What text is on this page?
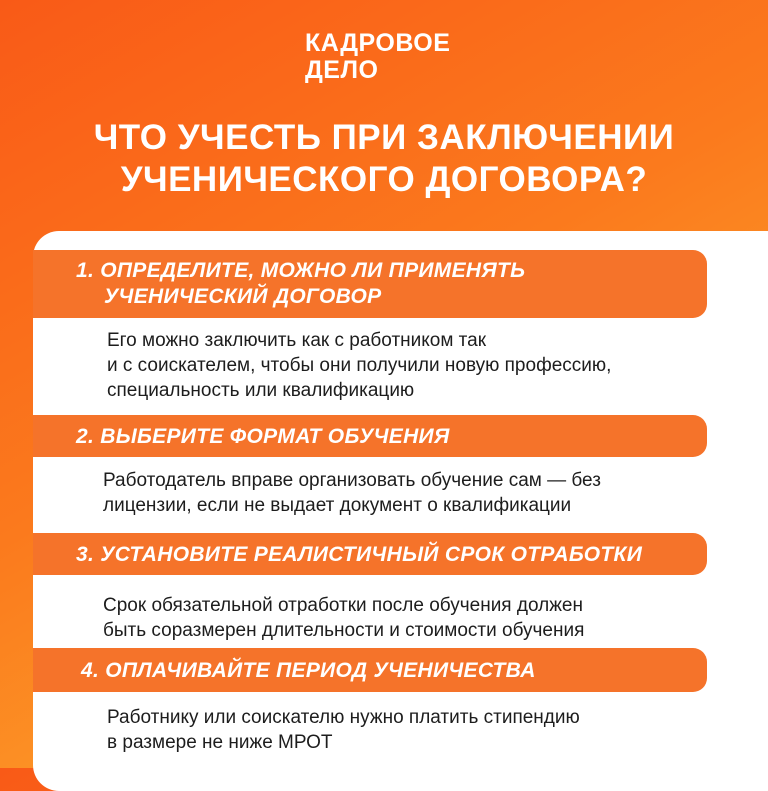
КАДРОВОЕ
ДЕЛО
ЧТО УЧЕСТЬ ПРИ ЗАКЛЮЧЕНИИ
УЧЕНИЧЕСКОГО ДОГОВОРА?
1. ОПРЕДЕЛИТЕ, МОЖНО ЛИ ПРИМЕНЯТЬ
УЧЕНИЧЕСКИЙ ДОГОВОР
Его можно заключить как с работником так
и с соискателем, чтобы они получили новую профессию,
специальность или квалификацию
2. ВЫБЕРИТЕ ФОРМАТ ОБУЧЕНИЯ
Работодатель вправе организовать обучение сам — без
лицензии, если не выдает документ о квалификации
3. УСТАНОВИТЕ РЕАЛИСТИЧНЫЙ СРОК ОТРАБОТКИ
Срок обязательной отработки после обучения должен
быть соразмерен длительности и стоимости обучения
4. ОПЛАЧИВАЙТЕ ПЕРИОД УЧЕНИЧЕСТВА
Работнику или соискателю нужно платить стипендию
в размере не ниже МРОТ
